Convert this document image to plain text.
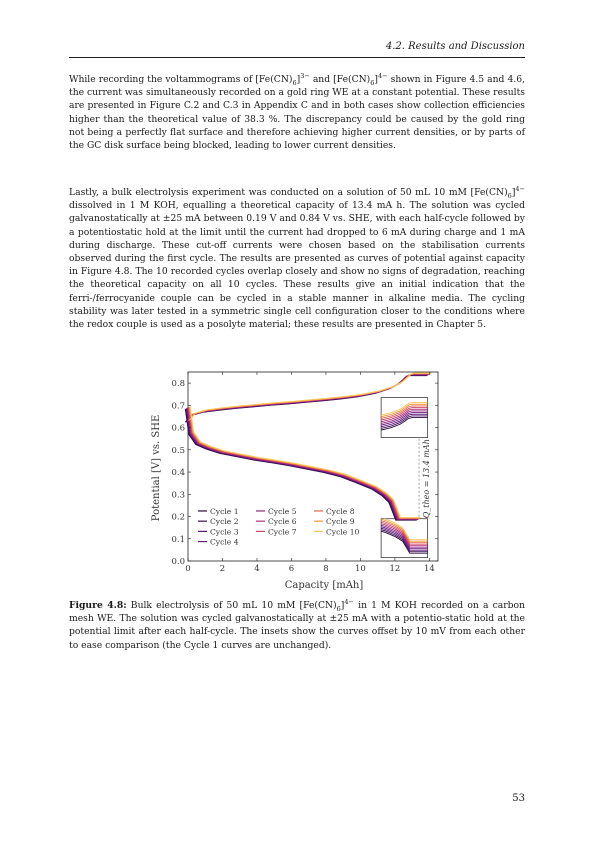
4.2. Results and Discussion

While recording the voltammograms of $[Fe(CN)_6]^{3-}$ and $[Fe(CN)_6]^{4-}$ shown in Figure 4.5 and 4.6, the current was simultaneously recorded on a gold ring WE at a constant potential. These results are presented in Figure C.2 and C.3 in Appendix C and in both cases show collection efficiencies higher than the theoretical value of 38.3 %. The discrepancy could be caused by the gold ring not being a perfectly flat surface and therefore achieving higher current densities, or by parts of the GC disk surface being blocked, leading to lower current densities.

Lastly, a bulk electrolysis experiment was conducted on a solution of 50 mL 10 mM $[Fe(CN)_6]^{4-}$ dissolved in 1 M KOH, equalling a theoretical capacity of 13.4 mA h. The solution was cycled galvanostatically at ±25 mA between 0.19 V and 0.84 V vs. SHE, with each half-cycle followed by a potentiostatic hold at the limit until the current had dropped to 6 mA during charge and 1 mA during discharge. These cut-off currents were chosen based on the stabilisation currents observed during the first cycle. The results are presented as curves of potential against capacity in Figure 4.8. The 10 recorded cycles overlap closely and show no signs of degradation, reaching the theoretical capacity on all 10 cycles. These results give an initial indication that the ferri-/ferrocyanide couple can be cycled in a stable manner in alkaline media. The cycling stability was later tested in a symmetric single cell configuration closer to the conditions where the redox couple is used as a posolyte material; these results are presented in Chapter 5.

0	2	4	6	8	10	12	14
0.0
0.1
0.2
0.3
0.4
0.5
0.6
0.7
0.8
Cycle 1
Cycle 2
Cycle 3
Cycle 4
Cycle 5
Cycle 6
Cycle 7
Cycle 8
Cycle 9
Cycle 10
Capacity [mAh]
Potential [V] vs. SHE	Q_theo = 13.4 mAh

Figure 4.8: Bulk electrolysis of 50 mL 10 mM $[Fe(CN)_6]^{4-}$ in 1 M KOH recorded on a carbon mesh WE. The solution was cycled galvanostatically at ±25 mA with a potentio-static hold at the potential limit after each half-cycle. The insets show the curves offset by 10 mV from each other to ease comparison (the Cycle 1 curves are unchanged).

53
